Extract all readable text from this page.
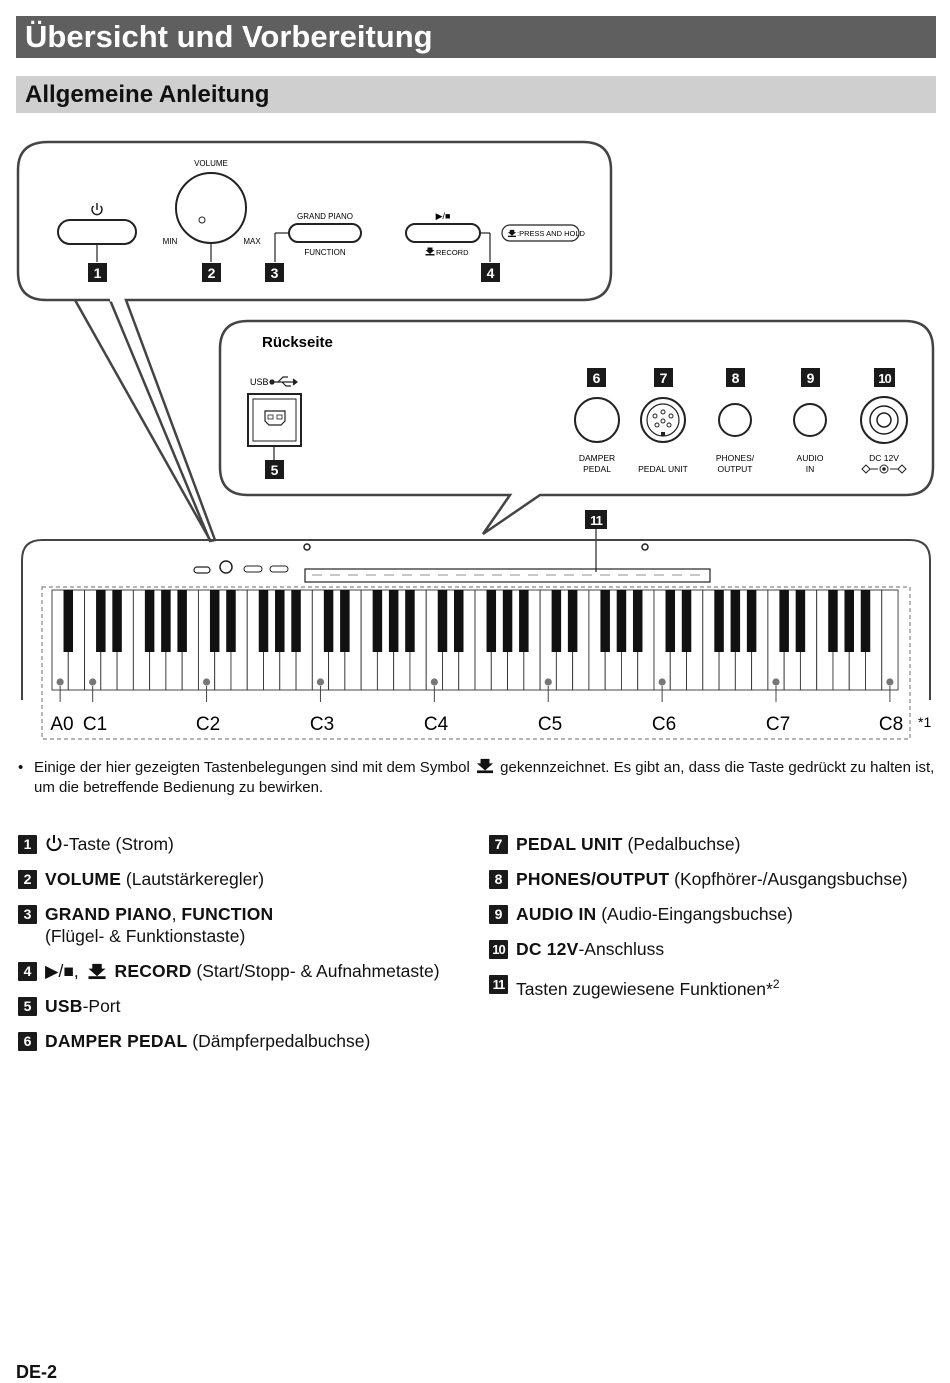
Übersicht und Vorbereitung
Allgemeine Anleitung
1
VOLUME
MIN	MAX
2
GRAND PIANO
FUNCTION
3
▶/■
RECORD
4
:PRESS AND HOLD
Rückseite
USB
5
6
DAMPER
PEDAL
7
PEDAL UNIT
8
PHONES/
OUTPUT
9
AUDIO
IN
10
DC 12V
11
A0 C1	C2	C3	C4	C5	C6	C7	C8 *1
• Einige der hier gezeigten Tastenbelegungen sind mit dem Symbol gekennzeichnet. Es gibt an, dass die Taste gedrückt zu halten ist, um die betreffende Bedienung zu bewirken.
1	-Taste (Strom)
2 VOLUME (Lautstärkeregler)
3 GRAND PIANO, FUNCTION
(Flügel- & Funktionstaste)
4 ▶/■,  RECORD (Start/Stopp- & Aufnahmetaste)
5 USB-Port
6 DAMPER PEDAL (Dämpferpedalbuchse)
7 PEDAL UNIT (Pedalbuchse)
8 PHONES/OUTPUT (Kopfhörer-/Ausgangsbuchse)
9 AUDIO IN (Audio-Eingangsbuchse)
10 DC 12V-Anschluss
11 Tasten zugewiesene Funktionen*$^2$
DE-2
